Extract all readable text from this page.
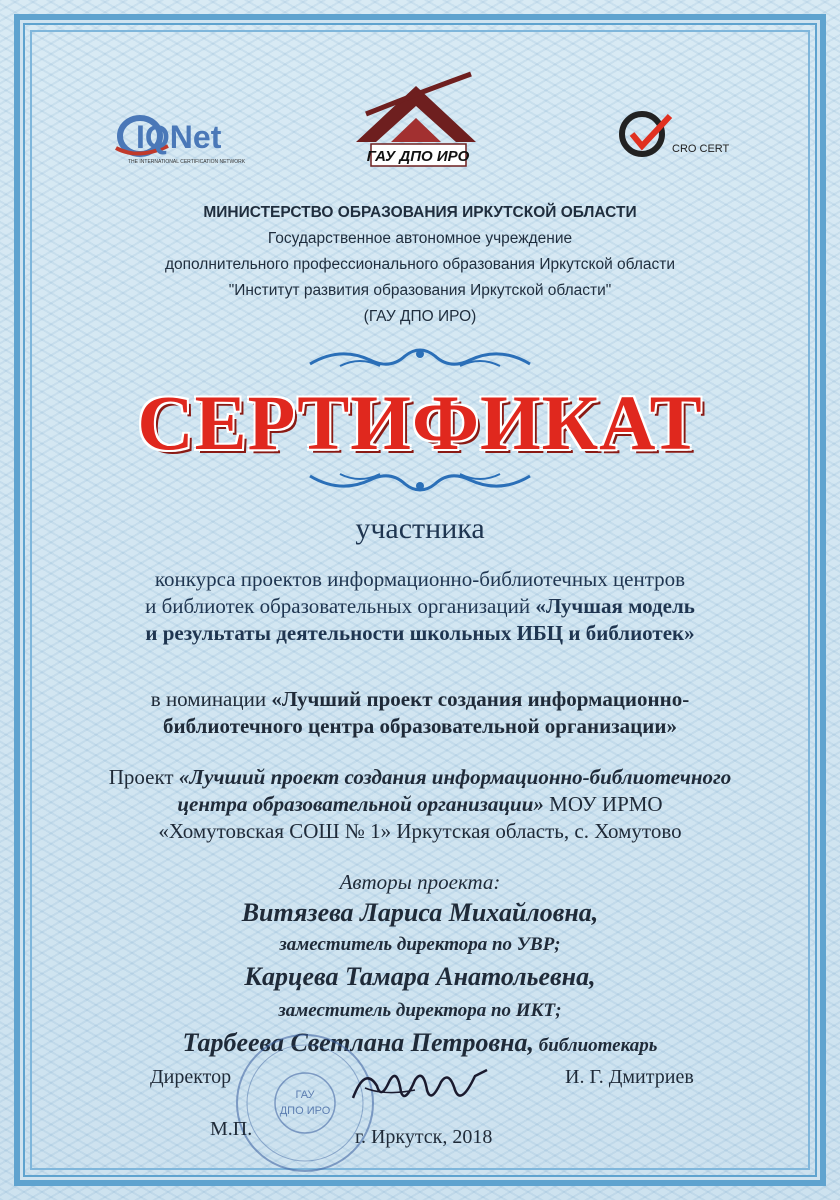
IQNet
THE INTERNATIONAL CERTIFICATION NETWORK	ГАУ ДПО ИРО	CRO CERT
МИНИСТЕРСТВО ОБРАЗОВАНИЯ ИРКУТСКОЙ ОБЛАСТИ
Государственное автономное учреждение
дополнительного профессионального образования Иркутской области
"Институт развития образования Иркутской области"
(ГАУ ДПО ИРО)
СЕРТИФИКАТ
участника
конкурса проектов информационно-библиотечных центров
и библиотек образовательных организаций «Лучшая модель
и результаты деятельности школьных ИБЦ и библиотек»
в номинации «Лучший проект создания информационно-
библиотечного центра образовательной организации»
Проект «Лучший проект создания информационно-библиотечного
центра образовательной организации» МОУ ИРМО
«Хомутовская СОШ № 1» Иркутская область, с. Хомутово
Авторы проекта:
Витязева Лариса Михайловна,
заместитель директора по УВР;
Карцева Тамара Анатольевна,
заместитель директора по ИКТ;
Тарбеева Светлана Петровна, библиотекарь
ГАУ
ДПО ИРО
Директор	И. Г. Дмитриев
М.П.	г. Иркутск, 2018
